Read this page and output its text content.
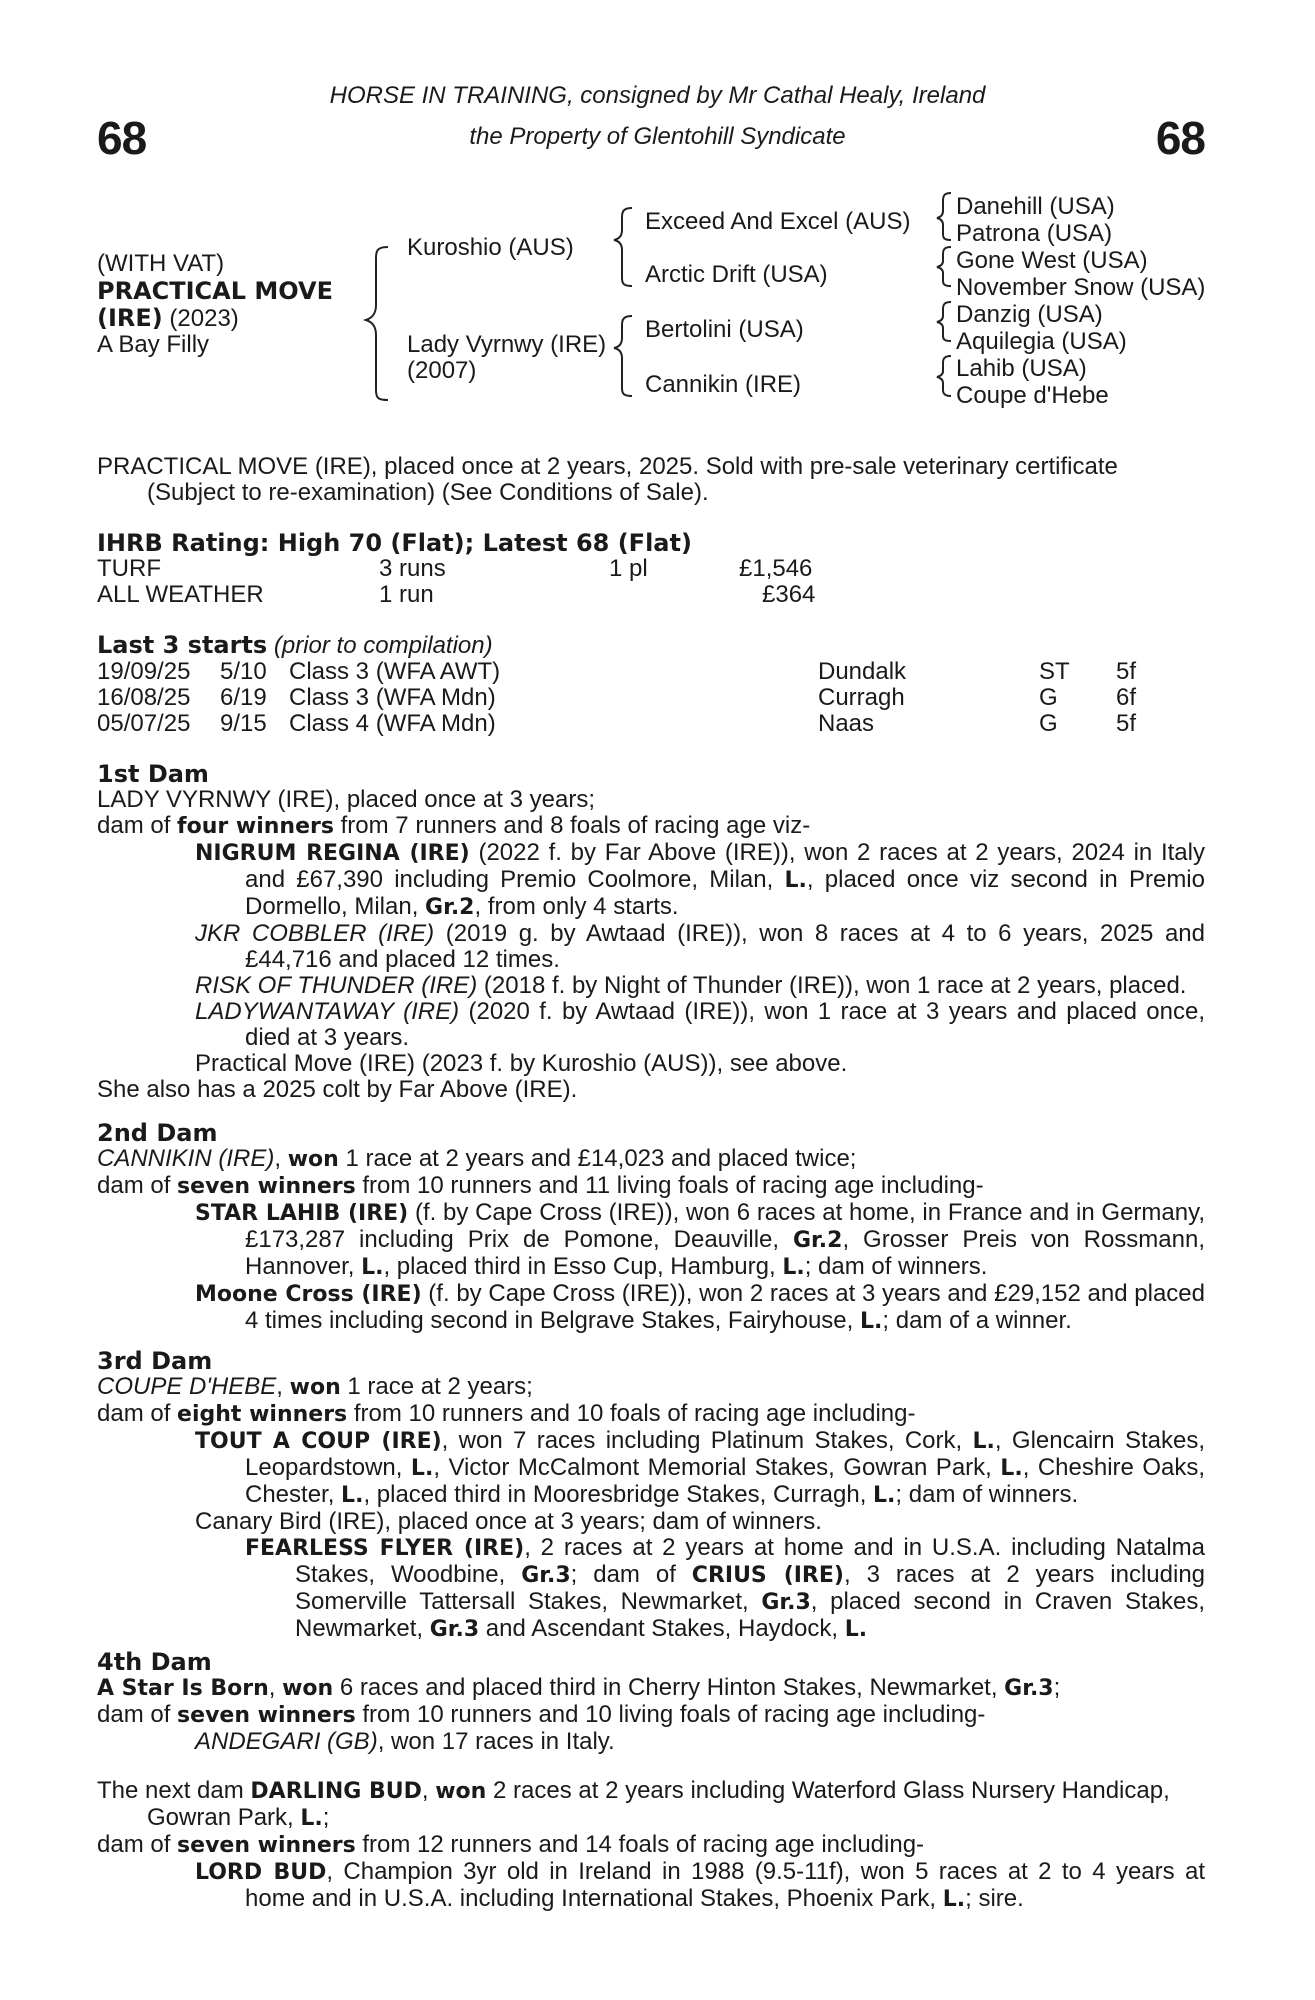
68	68
HORSE IN TRAINING, consigned by Mr Cathal Healy, Ireland
the Property of Glentohill Syndicate
(WITH VAT)
PRACTICAL MOVE
(IRE) (2023)
A Bay Filly
Kuroshio (AUS)
Lady Vyrnwy (IRE)
(2007)
Exceed And Excel (AUS)
Arctic Drift (USA)
Bertolini (USA)
Cannikin (IRE)
Danehill (USA)
Patrona (USA)
Gone West (USA)
November Snow (USA)
Danzig (USA)
Aquilegia (USA)
Lahib (USA)
Coupe d'Hebe

PRACTICAL MOVE (IRE), placed once at 2 years, 2025. Sold with pre-sale veterinary certificate (Subject to re-examination) (See Conditions of Sale).

IHRB Rating: High 70 (Flat); Latest 68 (Flat)
TURF	3 runs	1 pl	£1,546
ALL WEATHER	1 run	£364
Last 3 starts (prior to compilation)
19/09/25 5/10 Class 3 (WFA AWT)	Dundalk	ST 5f
16/08/25 6/19 Class 3 (WFA Mdn)	Curragh	G 6f
05/07/25 9/15 Class 4 (WFA Mdn)	Naas	G 5f

1st Dam

LADY VYRNWY (IRE), placed once at 3 years;

dam of four winners from 7 runners and 8 foals of racing age viz-

NIGRUM REGINA (IRE) (2022 f. by Far Above (IRE)), won 2 races at 2 years, 2024 in Italy and £67,390 including Premio Coolmore, Milan, L., placed once viz second in Premio Dormello, Milan, Gr.2, from only 4 starts.

JKR COBBLER (IRE) (2019 g. by Awtaad (IRE)), won 8 races at 4 to 6 years, 2025 and £44,716 and placed 12 times.

RISK OF THUNDER (IRE) (2018 f. by Night of Thunder (IRE)), won 1 race at 2 years, placed.

LADYWANTAWAY (IRE) (2020 f. by Awtaad (IRE)), won 1 race at 3 years and placed once, died at 3 years.

Practical Move (IRE) (2023 f. by Kuroshio (AUS)), see above.

She also has a 2025 colt by Far Above (IRE).

2nd Dam

CANNIKIN (IRE), won 1 race at 2 years and £14,023 and placed twice;

dam of seven winners from 10 runners and 11 living foals of racing age including-

STAR LAHIB (IRE) (f. by Cape Cross (IRE)), won 6 races at home, in France and in Germany, £173,287 including Prix de Pomone, Deauville, Gr.2, Grosser Preis von Rossmann, Hannover, L., placed third in Esso Cup, Hamburg, L.; dam of winners.

Moone Cross (IRE) (f. by Cape Cross (IRE)), won 2 races at 3 years and £29,152 and placed 4 times including second in Belgrave Stakes, Fairyhouse, L.; dam of a winner.

3rd Dam

COUPE D'HEBE, won 1 race at 2 years;

dam of eight winners from 10 runners and 10 foals of racing age including-

TOUT A COUP (IRE), won 7 races including Platinum Stakes, Cork, L., Glencairn Stakes, Leopardstown, L., Victor McCalmont Memorial Stakes, Gowran Park, L., Cheshire Oaks, Chester, L., placed third in Mooresbridge Stakes, Curragh, L.; dam of winners.

Canary Bird (IRE), placed once at 3 years; dam of winners.

FEARLESS FLYER (IRE), 2 races at 2 years at home and in U.S.A. including Natalma Stakes, Woodbine, Gr.3; dam of CRIUS (IRE), 3 races at 2 years including Somerville Tattersall Stakes, Newmarket, Gr.3, placed second in Craven Stakes, Newmarket, Gr.3 and Ascendant Stakes, Haydock, L.

4th Dam

A Star Is Born, won 6 races and placed third in Cherry Hinton Stakes, Newmarket, Gr.3;

dam of seven winners from 10 runners and 10 living foals of racing age including-

ANDEGARI (GB), won 17 races in Italy.

The next dam DARLING BUD, won 2 races at 2 years including Waterford Glass Nursery Handicap, Gowran Park, L.;

dam of seven winners from 12 runners and 14 foals of racing age including-

LORD BUD, Champion 3yr old in Ireland in 1988 (9.5-11f), won 5 races at 2 to 4 years at home and in U.S.A. including International Stakes, Phoenix Park, L.; sire.
